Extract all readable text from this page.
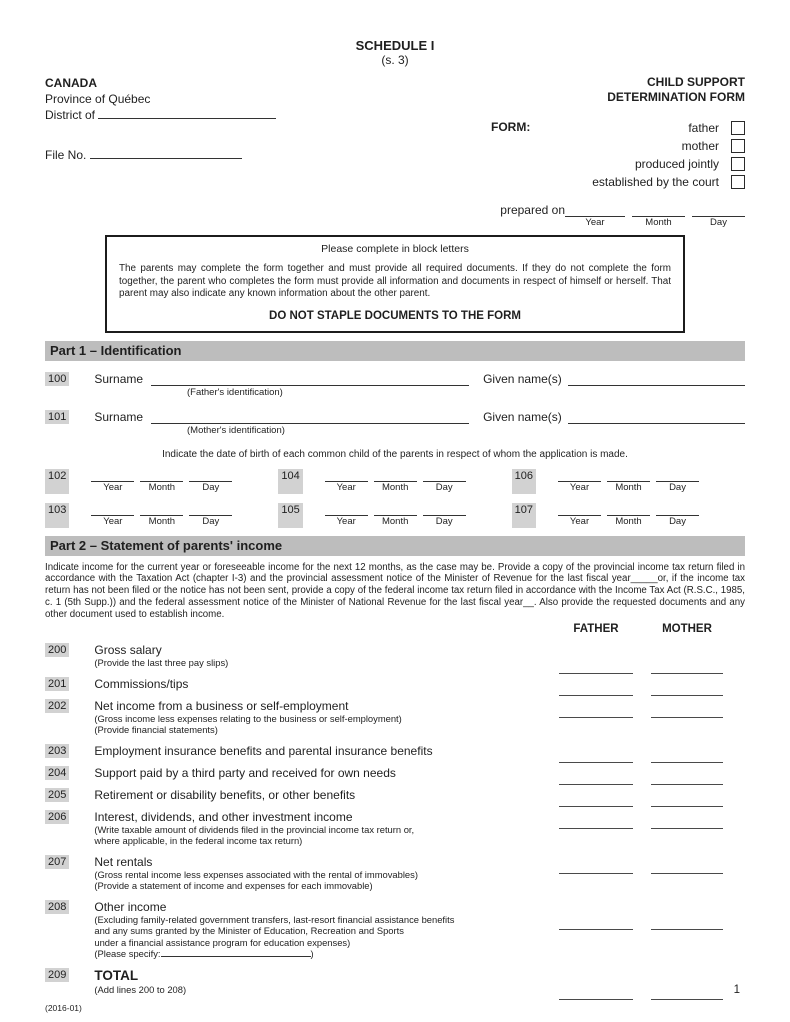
SCHEDULE I
(s. 3)
CANADA
Province of Québec
District of
File No.
CHILD SUPPORT
DETERMINATION FORM
FORM:	father
mother
produced jointly
established by the court
prepared on
Year	Month	Day
Please complete in block letters
The parents may complete the form together and must provide all required documents. If they do not complete the form together, the parent who completes the form must provide all information and documents in respect of himself or herself. That parent may also indicate any known information about the other parent.
DO NOT STAPLE DOCUMENTS TO THE FORM
Part 1 – Identification
100 Surname	Given name(s)
(Father's identification)
101 Surname	Given name(s)
(Mother's identification)
Indicate the date of birth of each common child of the parents in respect of whom the application is made.
102
Year	Month	Day
104
Year	Month	Day
106
Year	Month	Day
103
Year	Month	Day
105
Year	Month	Day
107
Year	Month	Day
Part 2 – Statement of parents' income
Indicate income for the current year or foreseeable income for the next 12 months, as the case may be. Provide a copy of the provincial income tax return filed in accordance with the Taxation Act (chapter I-3) and the provincial assessment notice of the Minister of Revenue for the last fiscal year_____or, if the income tax return has not been filed or the notice has not been sent, provide a copy of the federal income tax return filed in accordance with the Income Tax Act (R.S.C., 1985, c. 1 (5th Supp.)) and the federal assessment notice of the Minister of National Revenue for the last fiscal year__. Also provide the requested documents and any other document used to establish income.
FATHER	MOTHER
200 Gross salary
(Provide the last three pay slips)
201 Commissions/tips
202 Net income from a business or self-employment
(Gross income less expenses relating to the business or self-employment)
(Provide financial statements)
203 Employment insurance benefits and parental insurance benefits
204 Support paid by a third party and received for own needs
205 Retirement or disability benefits, or other benefits
206 Interest, dividends, and other investment income
(Write taxable amount of dividends filed in the provincial income tax return or,
where applicable, in the federal income tax return)
207 Net rentals
(Gross rental income less expenses associated with the rental of immovables)
(Provide a statement of income and expenses for each immovable)
208 Other income
(Excluding family-related government transfers, last-resort financial assistance benefits
and any sums granted by the Minister of Education, Recreation and Sports
under a financial assistance program for education expenses)
(Please specify:	)
209 TOTAL
(Add lines 200 to 208)
(2016-01)
1
